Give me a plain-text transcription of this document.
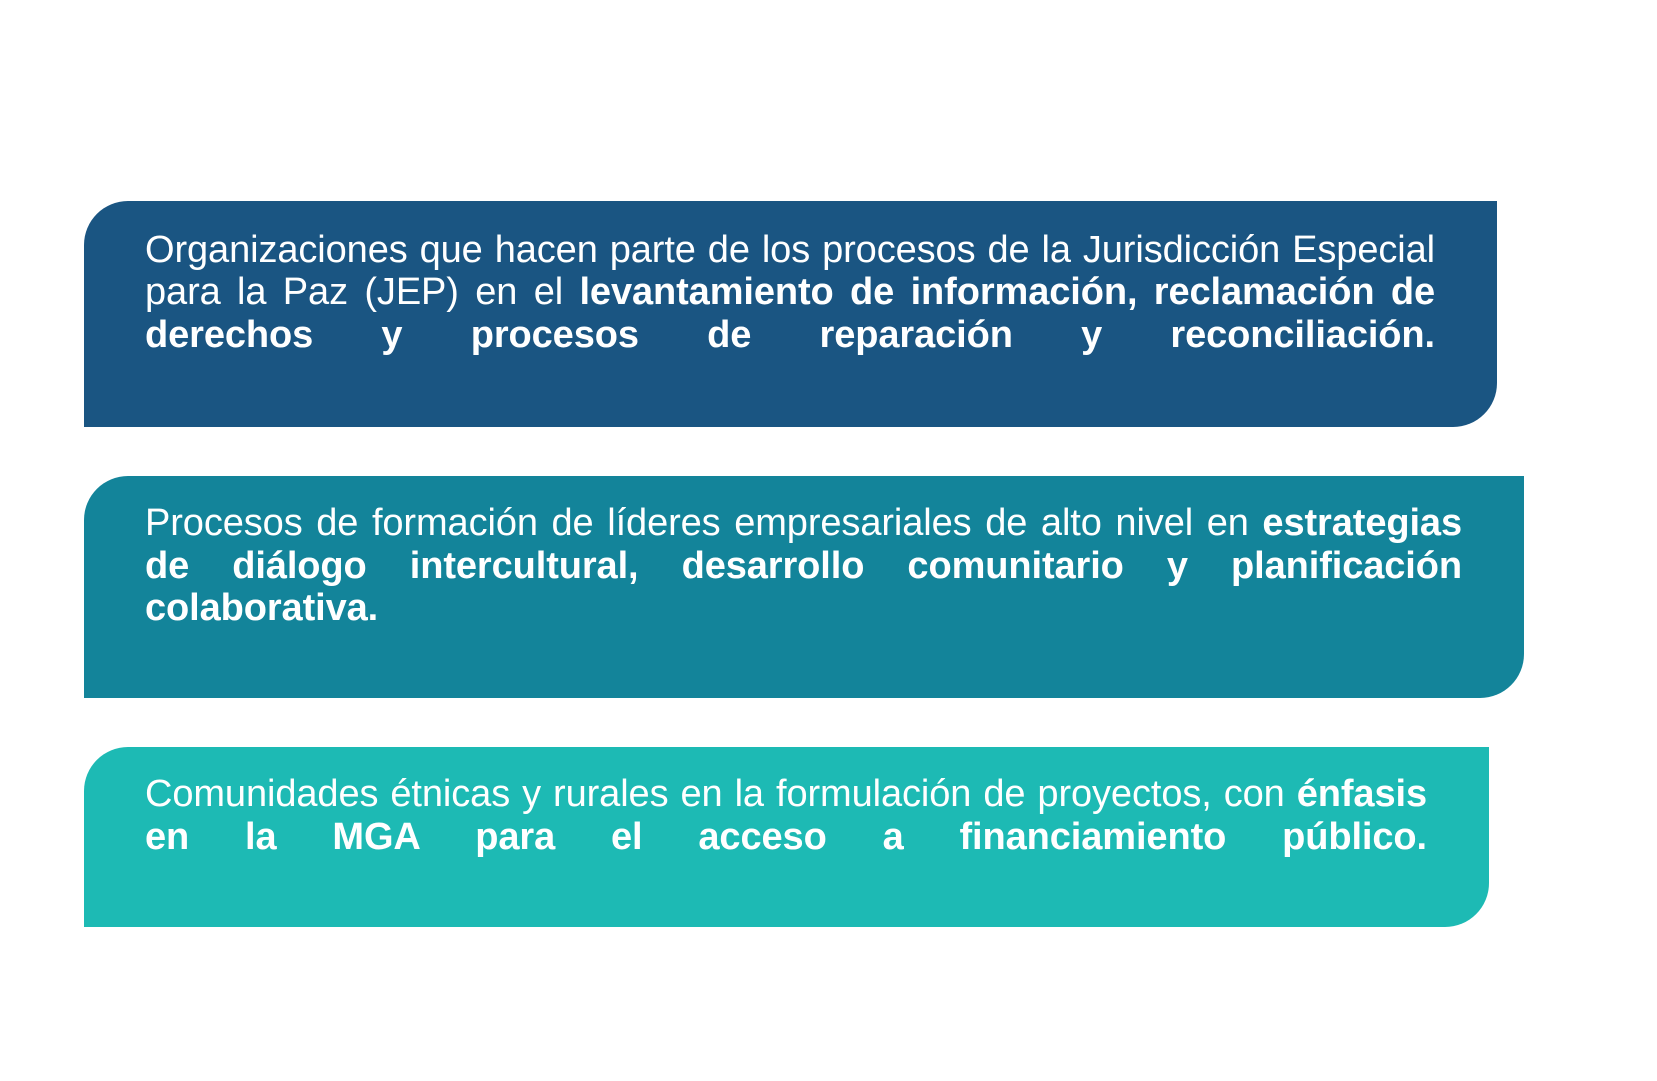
Organizaciones que hacen parte de los procesos de la Jurisdicción Especial para la Paz (JEP) en el levantamiento de información, reclamación de derechos y procesos de reparación y reconciliación.

Procesos de formación de líderes empresariales de alto nivel en estrategias de diálogo intercultural, desarrollo comunitario y planificación colaborativa.

Comunidades étnicas y rurales en la formulación de proyectos, con énfasis en la MGA para el acceso a financiamiento público.
